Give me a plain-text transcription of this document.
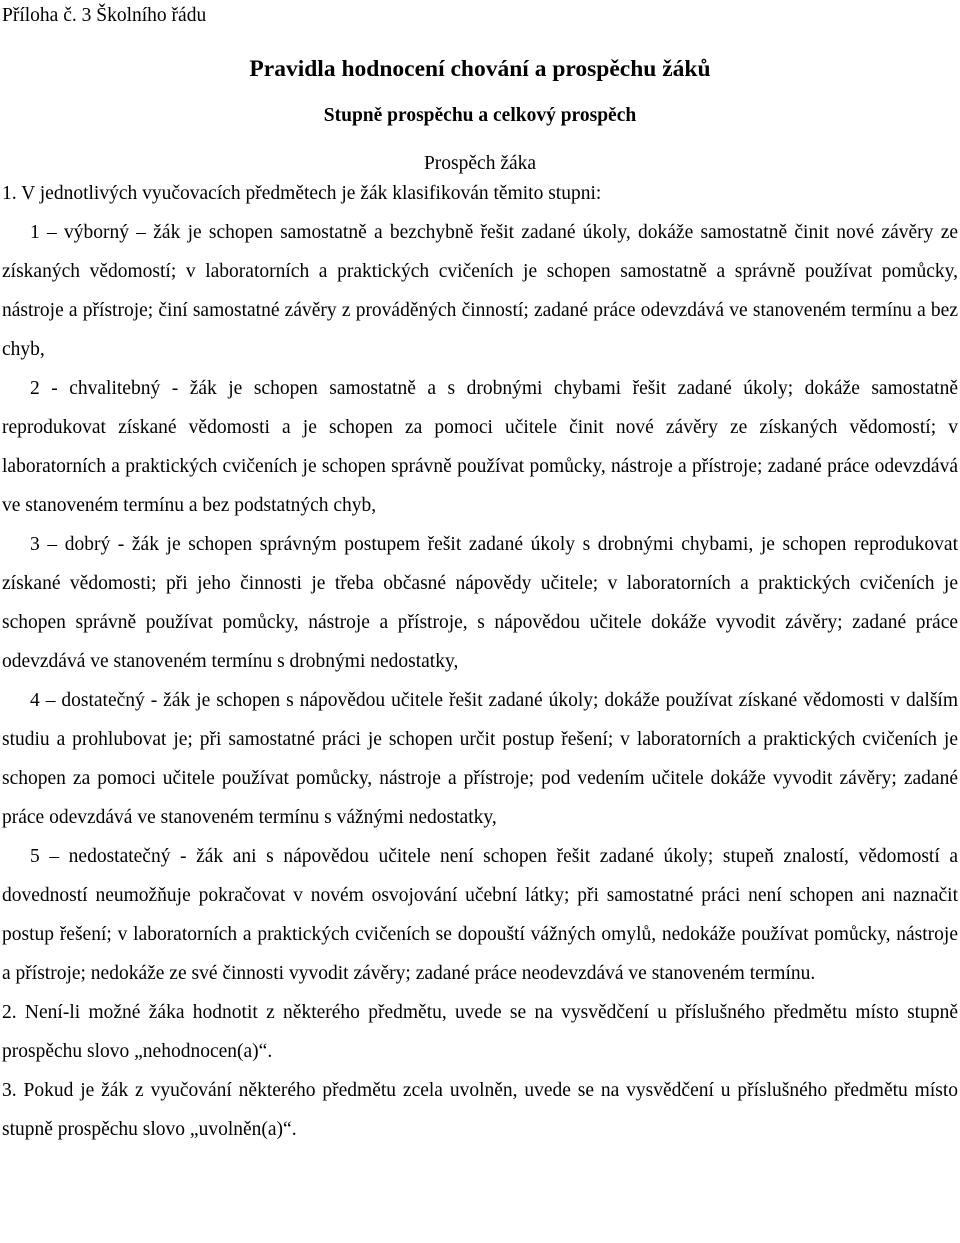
Příloha č. 3 Školního řádu

Pravidla hodnocení chování a prospěchu žáků
Stupně prospěchu a celkový prospěch

Prospěch žáka

1. V jednotlivých vyučovacích předmětech je žák klasifikován těmito stupni:

1 – výborný – žák je schopen samostatně a bezchybně řešit zadané úkoly, dokáže samostatně činit nové závěry ze získaných vědomostí; v laboratorních a praktických cvičeních je schopen samostatně a správně používat pomůcky, nástroje a přístroje; činí samostatné závěry z prováděných činností; zadané práce odevzdává ve stanoveném termínu a bez chyb,

2 - chvalitebný - žák je schopen samostatně a s drobnými chybami řešit zadané úkoly; dokáže samostatně reprodukovat získané vědomosti a je schopen za pomoci učitele činit nové závěry ze získaných vědomostí; v laboratorních a praktických cvičeních je schopen správně používat pomůcky, nástroje a přístroje; zadané práce odevzdává ve stanoveném termínu a bez podstatných chyb,

3 – dobrý - žák je schopen správným postupem řešit zadané úkoly s drobnými chybami, je schopen reprodukovat získané vědomosti; při jeho činnosti je třeba občasné nápovědy učitele; v laboratorních a praktických cvičeních je schopen správně používat pomůcky, nástroje a přístroje, s nápovědou učitele dokáže vyvodit závěry; zadané práce odevzdává ve stanoveném termínu s drobnými nedostatky,

4 – dostatečný - žák je schopen s nápovědou učitele řešit zadané úkoly; dokáže používat získané vědomosti v dalším studiu a prohlubovat je; při samostatné práci je schopen určit postup řešení; v laboratorních a praktických cvičeních je schopen za pomoci učitele používat pomůcky, nástroje a přístroje; pod vedením učitele dokáže vyvodit závěry; zadané práce odevzdává ve stanoveném termínu s vážnými nedostatky,

5 – nedostatečný - žák ani s nápovědou učitele není schopen řešit zadané úkoly; stupeň znalostí, vědomostí a dovedností neumožňuje pokračovat v novém osvojování učební látky; při samostatné práci není schopen ani naznačit postup řešení; v laboratorních a praktických cvičeních se dopouští vážných omylů, nedokáže používat pomůcky, nástroje a přístroje; nedokáže ze své činnosti vyvodit závěry; zadané práce neodevzdává ve stanoveném termínu.

2. Není-li možné žáka hodnotit z některého předmětu, uvede se na vysvědčení u příslušného předmětu místo stupně prospěchu slovo „nehodnocen(a)“.

3. Pokud je žák z vyučování některého předmětu zcela uvolněn, uvede se na vysvědčení u příslušného předmětu místo stupně prospěchu slovo „uvolněn(a)“.
